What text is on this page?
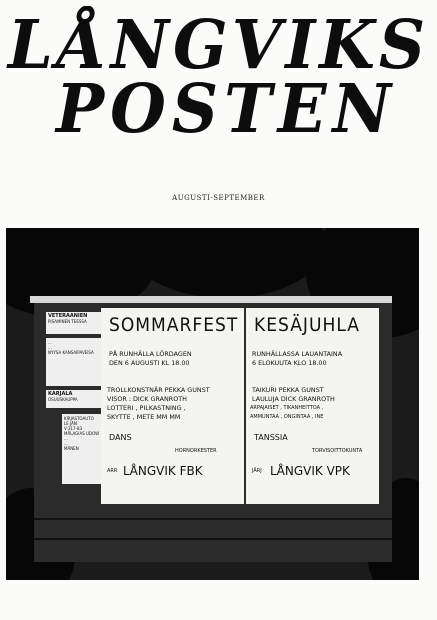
LÅNGVIKS
POSTEN
AUGUSTI-SEPTEMBER
VETERAANIEN
PISAMINEN TEESSA
...
...
NYYSA KANSAIPAVEISA
KARJALA
OSUUSKAUPPA
KIRJASTOAUTO
LE JÄN
V-317-83
MÅLAGIAS UDOW
...
...
MÄNEN
SOMMARFEST
PÅ RUNHÄLLA LÖRDAGEN
DEN 6 AUGUSTI KL 18.00
TROLLKONSTNÄR PEKKA GUNST
VISOR : DICK GRANROTH
LOTTERI , PILKASTNING ,
SKYTTE , METE MM MM
DANS
HORNORKESTER
ARR LÅNGVIK FBK
KESÄJUHLA
RUNHÄLLASSA LAUANTAINA
6 ELOKUUTA KLO 18.00
TAIKURI PEKKA GUNST
LAULUJA DICK GRANROTH
ARPAJAISET , TIKANHEITTOA ,
AMMUNTAA , ONGINTAA , INE
TANSSIA
TORVISOITTOKUNTA
JÄRJ LÅNGVIK VPK
